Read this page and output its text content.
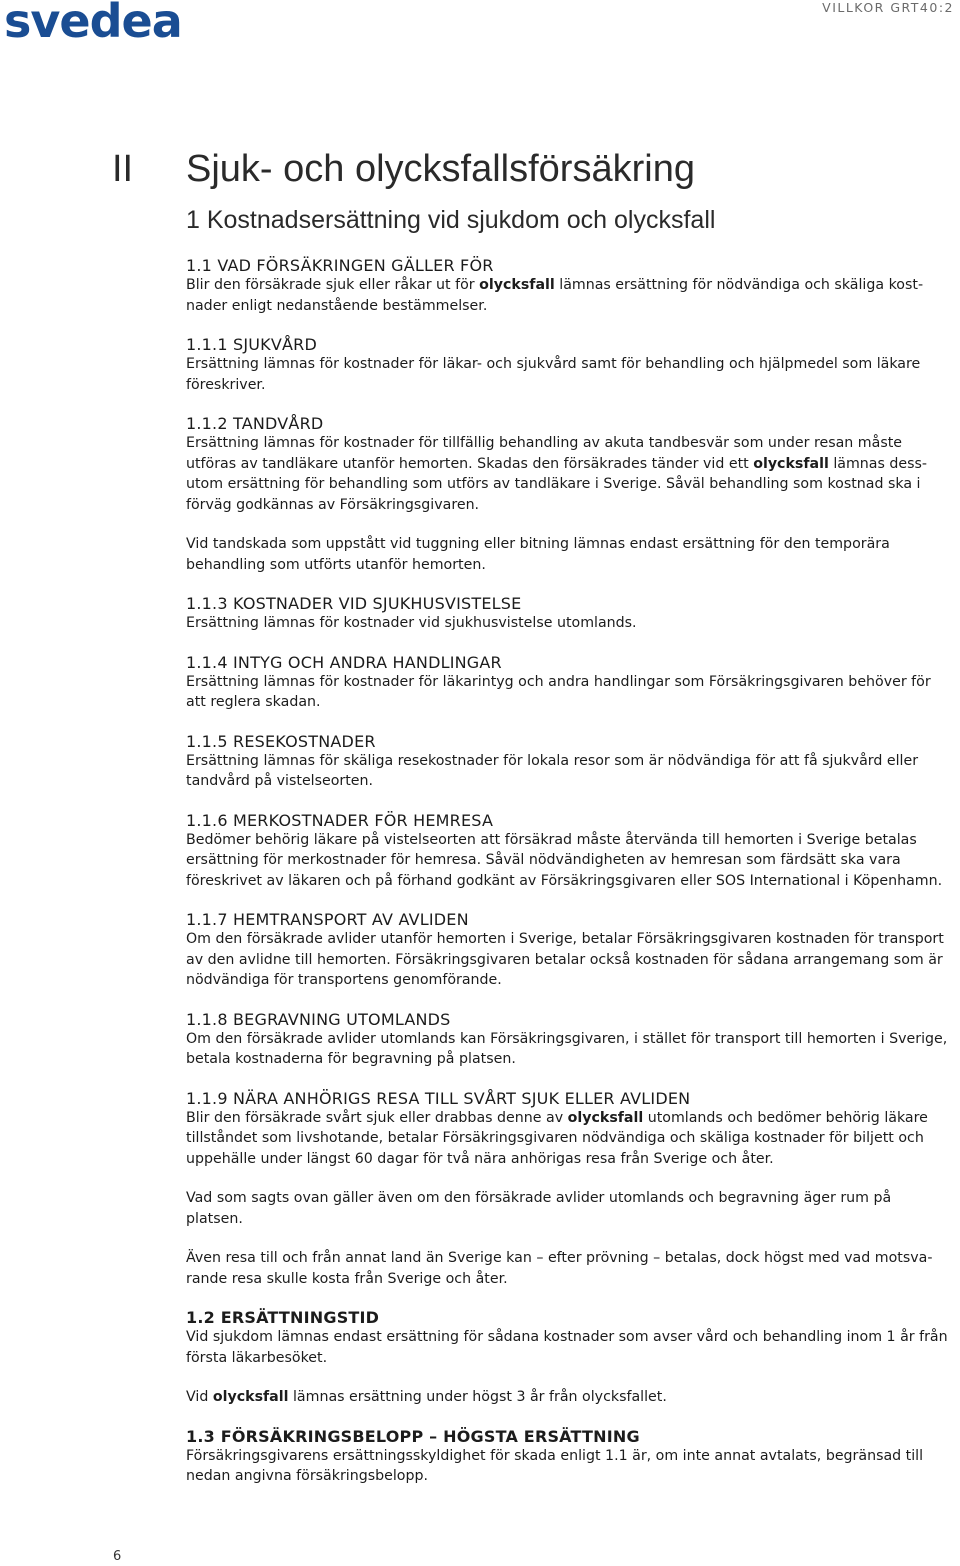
svedea	VILLKOR GRT40:2
II Sjuk- och olycksfallsförsäkring
1 Kostnadsersättning vid sjukdom och olycksfall
1.1 VAD FÖRSÄKRINGEN GÄLLER FÖR
Blir den försäkrade sjuk eller råkar ut för olycksfall lämnas ersättning för nödvändiga och skäliga kostnader enligt nedanstående bestämmelser.
1.1.1 SJUKVÅRD
Ersättning lämnas för kostnader för läkar- och sjukvård samt för behandling och hjälpmedel som läkare föreskriver.
1.1.2 TANDVÅRD
Ersättning lämnas för kostnader för tillfällig behandling av akuta tandbesvär som under resan måste utföras av tandläkare utanför hemorten. Skadas den försäkrades tänder vid ett olycksfall lämnas dessutom ersättning för behandling som utförs av tandläkare i Sverige. Såväl behandling som kostnad ska i förväg godkännas av Försäkringsgivaren.
Vid tandskada som uppstått vid tuggning eller bitning lämnas endast ersättning för den temporära behandling som utförts utanför hemorten.
1.1.3 KOSTNADER VID SJUKHUSVISTELSE
Ersättning lämnas för kostnader vid sjukhusvistelse utomlands.
1.1.4 INTYG OCH ANDRA HANDLINGAR
Ersättning lämnas för kostnader för läkarintyg och andra handlingar som Försäkringsgivaren behöver för att reglera skadan.
1.1.5 RESEKOSTNADER
Ersättning lämnas för skäliga resekostnader för lokala resor som är nödvändiga för att få sjukvård eller tandvård på vistelseorten.
1.1.6 MERKOSTNADER FÖR HEMRESA
Bedömer behörig läkare på vistelseorten att försäkrad måste återvända till hemorten i Sverige betalas ersättning för merkostnader för hemresa. Såväl nödvändigheten av hemresan som färdsätt ska vara föreskrivet av läkaren och på förhand godkänt av Försäkringsgivaren eller SOS International i Köpenhamn.
1.1.7 HEMTRANSPORT AV AVLIDEN
Om den försäkrade avlider utanför hemorten i Sverige, betalar Försäkringsgivaren kostnaden för transport av den avlidne till hemorten. Försäkringsgivaren betalar också kostnaden för sådana arrangemang som är nödvändiga för transportens genomförande.
1.1.8 BEGRAVNING UTOMLANDS
Om den försäkrade avlider utomlands kan Försäkringsgivaren, i stället för transport till hemorten i Sverige, betala kostnaderna för begravning på platsen.
1.1.9 NÄRA ANHÖRIGS RESA TILL SVÅRT SJUK ELLER AVLIDEN
Blir den försäkrade svårt sjuk eller drabbas denne av olycksfall utomlands och bedömer behörig läkare tillståndet som livshotande, betalar Försäkringsgivaren nödvändiga och skäliga kostnader för biljett och uppehälle under längst 60 dagar för två nära anhörigas resa från Sverige och åter.
Vad som sagts ovan gäller även om den försäkrade avlider utomlands och begravning äger rum på platsen.
Även resa till och från annat land än Sverige kan – efter prövning – betalas, dock högst med vad motsvarande resa skulle kosta från Sverige och åter.
1.2 ERSÄTTNINGSTID
Vid sjukdom lämnas endast ersättning för sådana kostnader som avser vård och behandling inom 1 år från första läkarbesöket.
Vid olycksfall lämnas ersättning under högst 3 år från olycksfallet.
1.3 FÖRSÄKRINGSBELOPP – HÖGSTA ERSÄTTNING
Försäkringsgivarens ersättningsskyldighet för skada enligt 1.1 är, om inte annat avtalats, begränsad till nedan angivna försäkringsbelopp.
6
